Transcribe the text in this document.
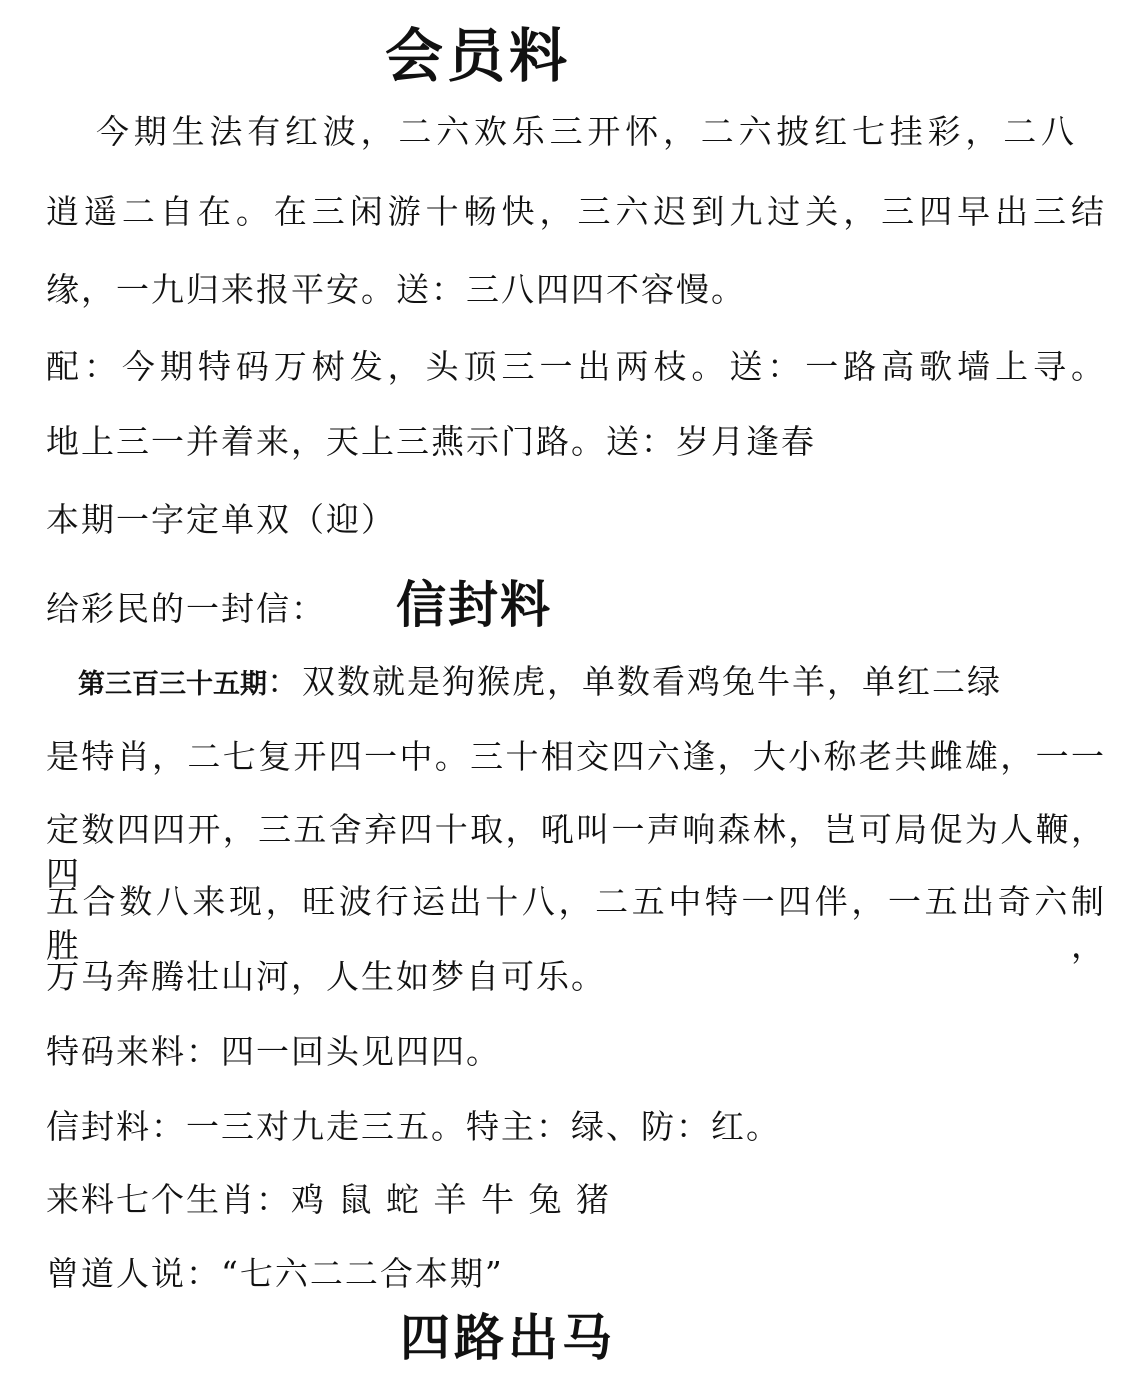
会员料
今期生法有红波，二六欢乐三开怀，二六披红七挂彩，二八
逍遥二自在。在三闲游十畅快，三六迟到九过关，三四早出三结
缘，一九归来报平安。送：三八四四不容慢。
配：今期特码万树发，头顶三一出两枝。送：一路高歌墙上寻。
地上三一并着来，天上三燕示门路。送：岁月逢春
本期一字定单双（迎）
给彩民的一封信： 信封料
第三百三十五期：双数就是狗猴虎，单数看鸡兔牛羊，单红二绿
是特肖，二七复开四一中。三十相交四六逢，大小称老共雌雄，一一
定数四四开，三五舍弃四十取，吼叫一声响森林，岂可局促为人鞭，四
五合数八来现，旺波行运出十八，二五中特一四伴，一五出奇六制胜，
万马奔腾壮山河，人生如梦自可乐。
特码来料：四一回头见四四。
信封料：一三对九走三五。特主：绿、防：红。
来料七个生肖：鸡 鼠 蛇 羊 牛 兔 猪
曾道人说：“七六二二合本期”
四路出马
